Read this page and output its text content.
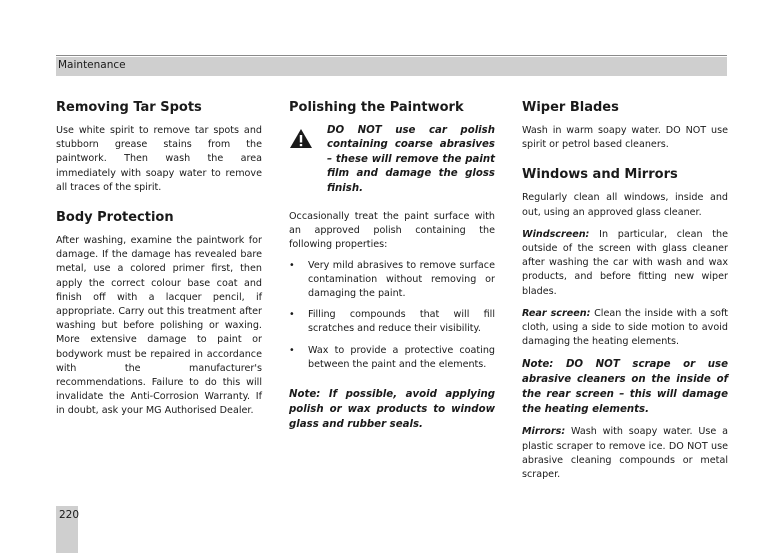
Maintenance
Removing Tar Spots

Use white spirit to remove tar spots and stubborn grease stains from the paintwork. Then wash the area immediately with soapy water to remove all traces of the spirit.

Body Protection

After washing, examine the paintwork for damage. If the damage has revealed bare metal, use a colored primer first, then apply the correct colour base coat and finish off with a lacquer pencil, if appropriate. Carry out this treatment after washing but before polishing or waxing. More extensive damage to paint or bodywork must be repaired in accordance with the manufacturer's recommendations. Failure to do this will invalidate the Anti-Corrosion Warranty. If in doubt, ask your MG Authorised Dealer.

Polishing the Paintwork
DO NOT use car polish containing coarse abrasives – these will remove the paint film and damage the gloss finish.

Occasionally treat the paint surface with an approved polish containing the following properties:

• Very mild abrasives to remove surface contamination without removing or damaging the paint.
• Filling compounds that will fill scratches and reduce their visibility.
• Wax to provide a protective coating between the paint and the elements.

Note: If possible, avoid applying polish or wax products to window glass and rubber seals.

Wiper Blades

Wash in warm soapy water. DO NOT use spirit or petrol based cleaners.

Windows and Mirrors

Regularly clean all windows, inside and out, using an approved glass cleaner.

Windscreen: In particular, clean the outside of the screen with glass cleaner after washing the car with wash and wax products, and before fitting new wiper blades.

Rear screen: Clean the inside with a soft cloth, using a side to side motion to avoid damaging the heating elements.

Note: DO NOT scrape or use abrasive cleaners on the inside of the rear screen – this will damage the heating elements.

Mirrors: Wash with soapy water. Use a plastic scraper to remove ice. DO NOT use abrasive cleaning compounds or metal scraper.

220
